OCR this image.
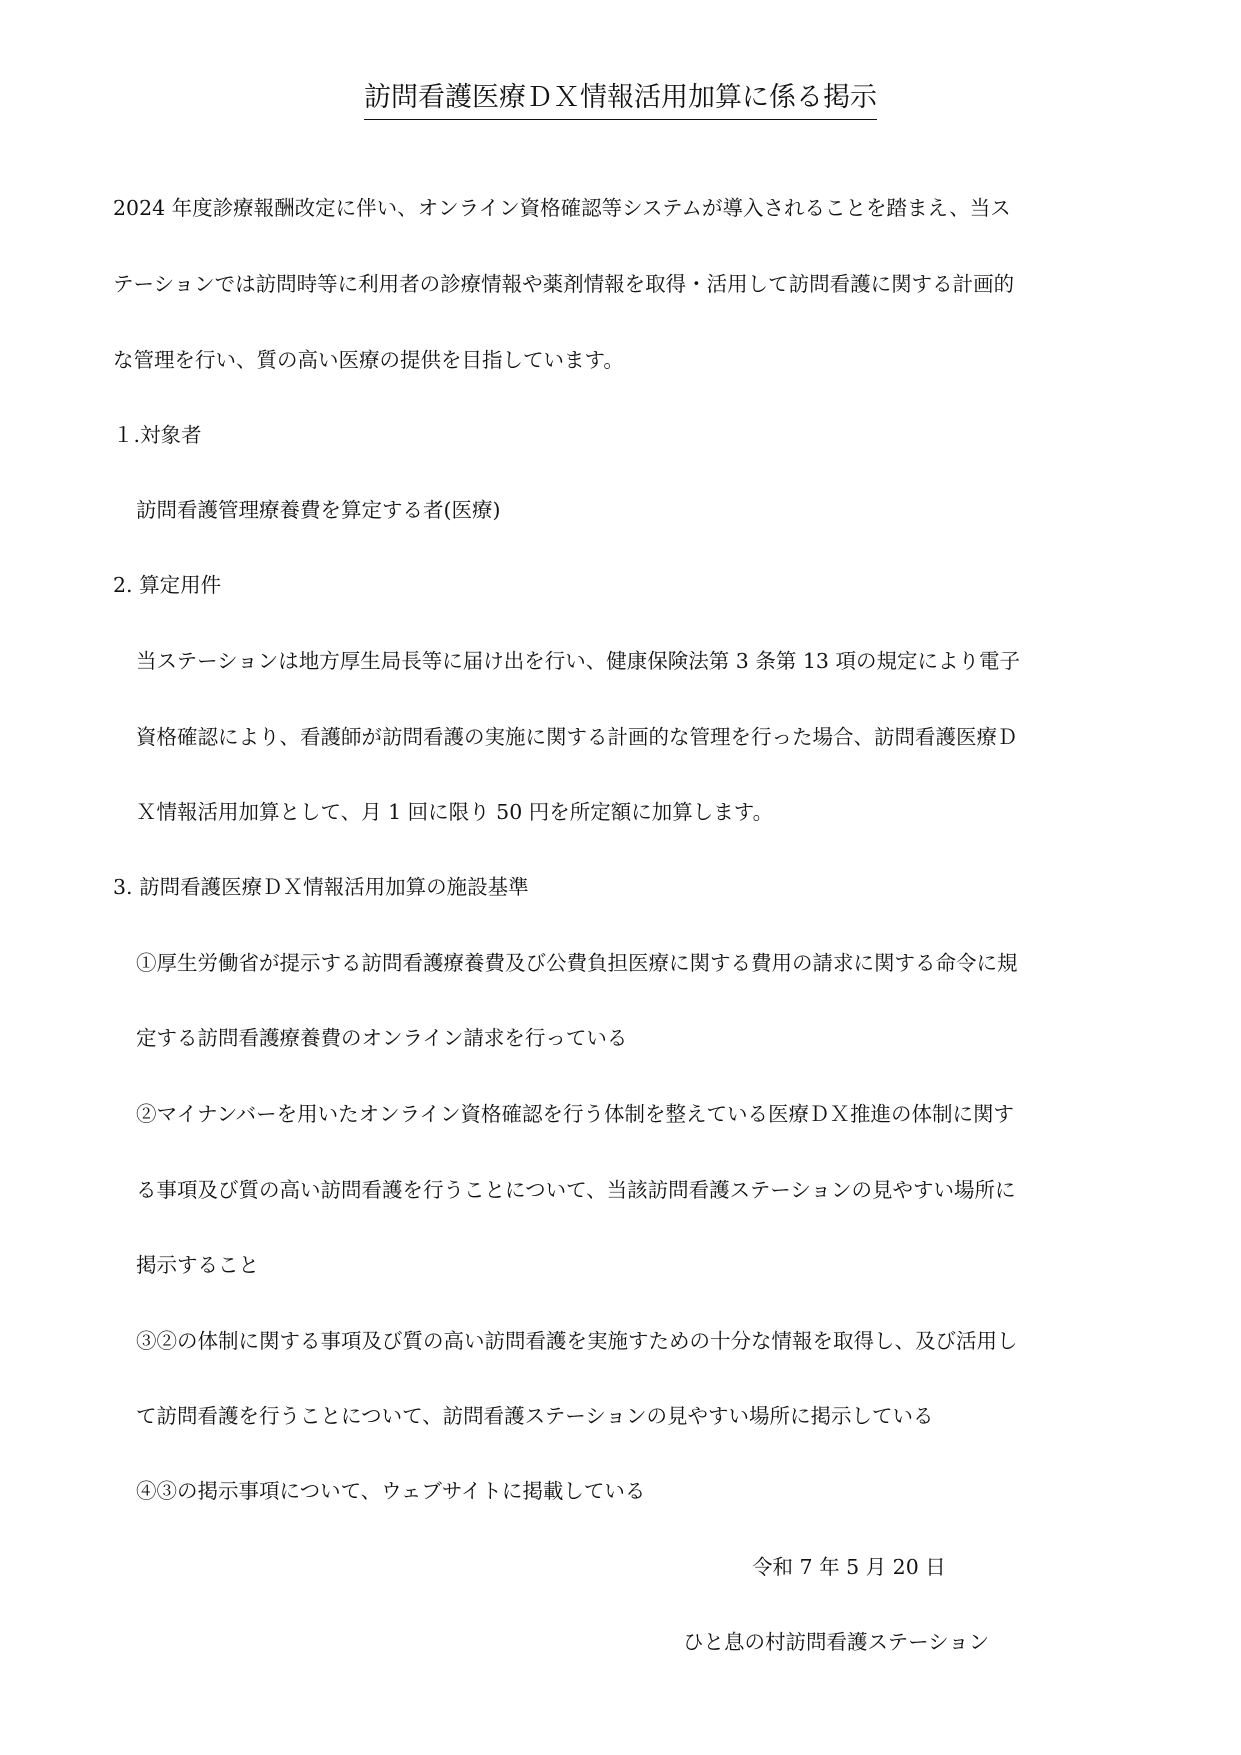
訪問看護医療ＤＸ情報活用加算に係る掲示
2024 年度診療報酬改定に伴い、オンライン資格確認等システムが導入されることを踏まえ、当ス
テーションでは訪問時等に利用者の診療情報や薬剤情報を取得・活用して訪問看護に関する計画的
な管理を行い、質の高い医療の提供を目指しています。
１.対象者
訪問看護管理療養費を算定する者(医療)
2. 算定用件
当ステーションは地方厚生局長等に届け出を行い、健康保険法第 3 条第 13 項の規定により電子
資格確認により、看護師が訪問看護の実施に関する計画的な管理を行った場合、訪問看護医療Ｄ
Ｘ情報活用加算として、月 1 回に限り 50 円を所定額に加算します。
3. 訪問看護医療ＤＸ情報活用加算の施設基準
①厚生労働省が提示する訪問看護療養費及び公費負担医療に関する費用の請求に関する命令に規
定する訪問看護療養費のオンライン請求を行っている
②マイナンバーを用いたオンライン資格確認を行う体制を整えている医療ＤＸ推進の体制に関す
る事項及び質の高い訪問看護を行うことについて、当該訪問看護ステーションの見やすい場所に
掲示すること
③②の体制に関する事項及び質の高い訪問看護を実施すための十分な情報を取得し、及び活用し
て訪問看護を行うことについて、訪問看護ステーションの見やすい場所に掲示している
④③の掲示事項について、ウェブサイトに掲載している
令和 7 年 5 月 20 日
ひと息の村訪問看護ステーション
